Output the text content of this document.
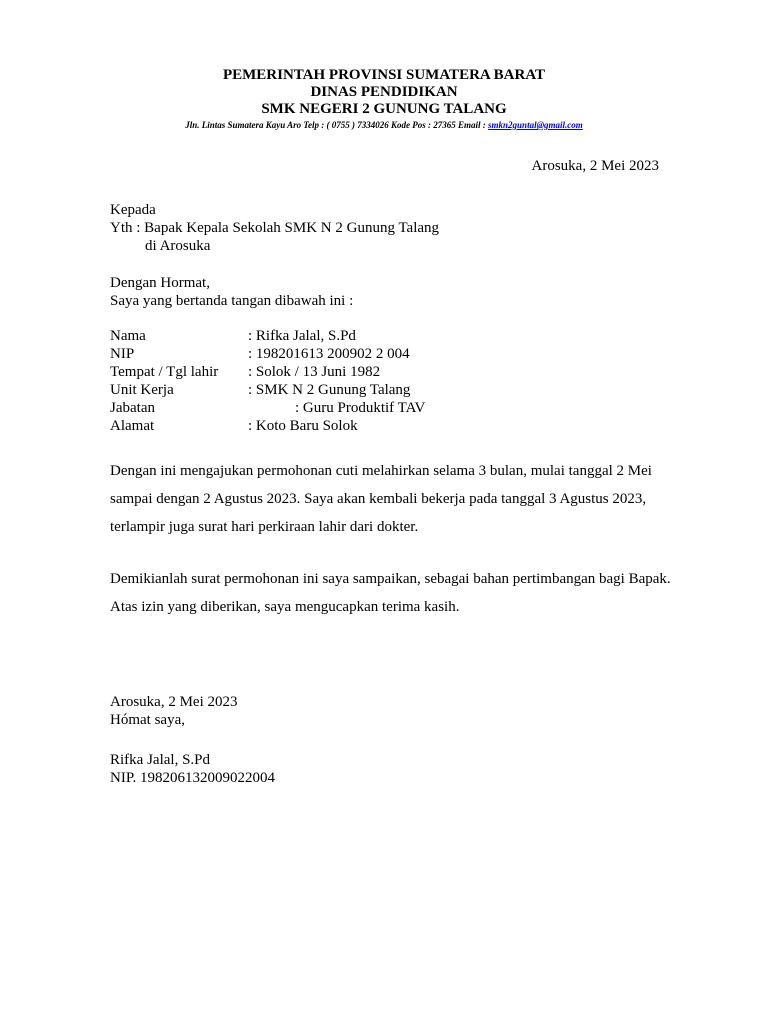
PEMERINTAH PROVINSI SUMATERA BARAT
DINAS PENDIDIKAN
SMK NEGERI 2 GUNUNG TALANG
Jln. Lintas Sumatera Kayu Aro Telp : ( 0755 ) 7334026 Kode Pos : 27365 Email : smkn2guntal@gmail.com
Arosuka, 2 Mei 2023
Kepada
Yth : Bapak Kepala Sekolah SMK N 2 Gunung Talang
di Arosuka
Dengan Hormat,
Saya yang bertanda tangan dibawah ini :
Nama	: Rifka Jalal, S.Pd
NIP	: 198201613 200902 2 004
Tempat / Tgl lahir	: Solok / 13 Juni 1982
Unit Kerja	: SMK N 2 Gunung Talang
Jabatan	: Guru Produktif TAV
Alamat	: Koto Baru Solok
Dengan ini mengajukan permohonan cuti melahirkan selama 3 bulan, mulai tanggal 2 Mei
sampai dengan 2 Agustus 2023. Saya akan kembali bekerja pada tanggal 3 Agustus 2023,
terlampir juga surat hari perkiraan lahir dari dokter.
Demikianlah surat permohonan ini saya sampaikan, sebagai bahan pertimbangan bagi Bapak.
Atas izin yang diberikan, saya mengucapkan terima kasih.
Arosuka, 2 Mei 2023
Hómat saya,
Rifka Jalal, S.Pd
NIP. 198206132009022004
